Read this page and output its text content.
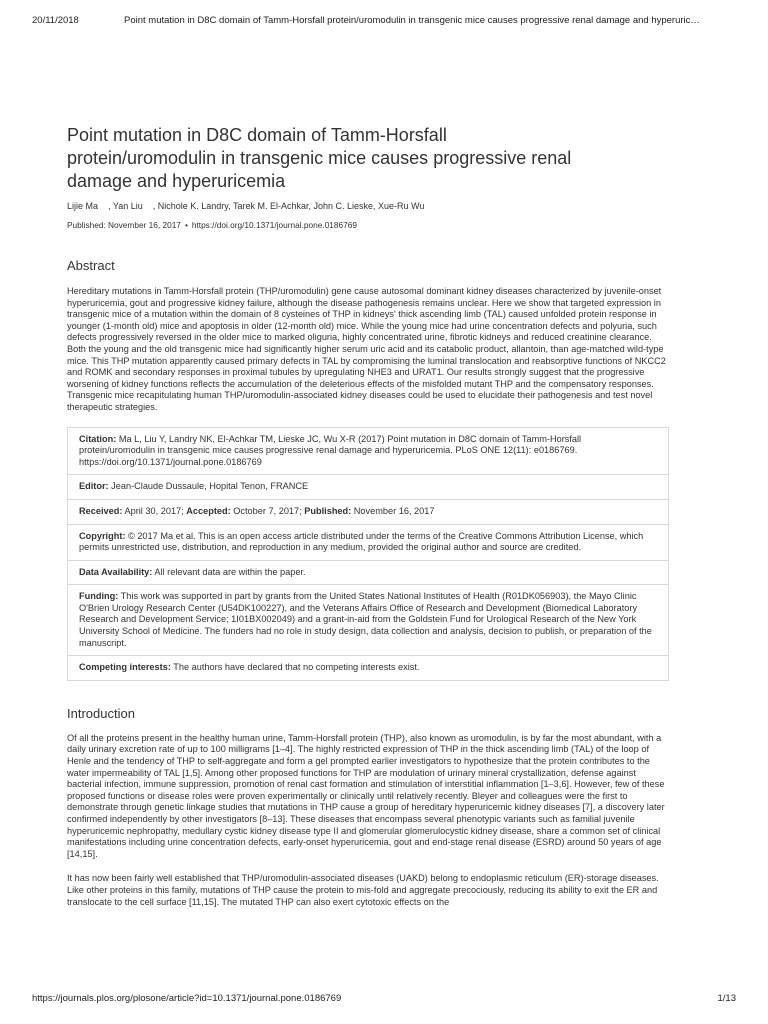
20/11/2018	Point mutation in D8C domain of Tamm-Horsfall protein/uromodulin in transgenic mice causes progressive renal damage and hyperuric…
Point mutation in D8C domain of Tamm-Horsfall protein/uromodulin in transgenic mice causes progressive renal damage and hyperuricemia
Lijie Ma , Yan Liu , Nichole K. Landry, Tarek M. El-Achkar, John C. Lieske, Xue-Ru Wu
Published: November 16, 2017 • https://doi.org/10.1371/journal.pone.0186769
Abstract

Hereditary mutations in Tamm-Horsfall protein (THP/uromodulin) gene cause autosomal dominant kidney diseases characterized by juvenile-onset hyperuricemia, gout and progressive kidney failure, although the disease pathogenesis remains unclear. Here we show that targeted expression in transgenic mice of a mutation within the domain of 8 cysteines of THP in kidneys' thick ascending limb (TAL) caused unfolded protein response in younger (1-month old) mice and apoptosis in older (12-month old) mice. While the young mice had urine concentration defects and polyuria, such defects progressively reversed in the older mice to marked oliguria, highly concentrated urine, fibrotic kidneys and reduced creatinine clearance. Both the young and the old transgenic mice had significantly higher serum uric acid and its catabolic product, allantoin, than age-matched wild-type mice. This THP mutation apparently caused primary defects in TAL by compromising the luminal translocation and reabsorptive functions of NKCC2 and ROMK and secondary responses in proximal tubules by upregulating NHE3 and URAT1. Our results strongly suggest that the progressive worsening of kidney functions reflects the accumulation of the deleterious effects of the misfolded mutant THP and the compensatory responses. Transgenic mice recapitulating human THP/uromodulin-associated kidney diseases could be used to elucidate their pathogenesis and test novel therapeutic strategies.

Citation: Ma L, Liu Y, Landry NK, El-Achkar TM, Lieske JC, Wu X-R (2017) Point mutation in D8C domain of Tamm-Horsfall protein/uromodulin in transgenic mice causes progressive renal damage and hyperuricemia. PLoS ONE 12(11): e0186769. https://doi.org/10.1371/journal.pone.0186769
Editor: Jean-Claude Dussaule, Hopital Tenon, FRANCE
Received: April 30, 2017; Accepted: October 7, 2017; Published: November 16, 2017
Copyright: © 2017 Ma et al. This is an open access article distributed under the terms of the Creative Commons Attribution License, which permits unrestricted use, distribution, and reproduction in any medium, provided the original author and source are credited.
Data Availability: All relevant data are within the paper.
Funding: This work was supported in part by grants from the United States National Institutes of Health (R01DK056903), the Mayo Clinic O'Brien Urology Research Center (U54DK100227), and the Veterans Affairs Office of Research and Development (Biomedical Laboratory Research and Development Service; 1I01BX002049) and a grant-in-aid from the Goldstein Fund for Urological Research of the New York University School of Medicine. The funders had no role in study design, data collection and analysis, decision to publish, or preparation of the manuscript.
Competing interests: The authors have declared that no competing interests exist.
Introduction

Of all the proteins present in the healthy human urine, Tamm-Horsfall protein (THP), also known as uromodulin, is by far the most abundant, with a daily urinary excretion rate of up to 100 milligrams [1–4]. The highly restricted expression of THP in the thick ascending limb (TAL) of the loop of Henle and the tendency of THP to self-aggregate and form a gel prompted earlier investigators to hypothesize that the protein contributes to the water impermeability of TAL [1,5]. Among other proposed functions for THP are modulation of urinary mineral crystallization, defense against bacterial infection, immune suppression, promotion of renal cast formation and stimulation of interstitial inflammation [1–3,6]. However, few of these proposed functions or disease roles were proven experimentally or clinically until relatively recently. Bleyer and colleagues were the first to demonstrate through genetic linkage studies that mutations in THP cause a group of hereditary hyperuricemic kidney diseases [7], a discovery later confirmed independently by other investigators [8–13]. These diseases that encompass several phenotypic variants such as familial juvenile hyperuricemic nephropathy, medullary cystic kidney disease type II and glomerular glomerulocystic kidney disease, share a common set of clinical manifestations including urine concentration defects, early-onset hyperuricemia, gout and end-stage renal disease (ESRD) around 50 years of age [14,15].

It has now been fairly well established that THP/uromodulin-associated diseases (UAKD) belong to endoplasmic reticulum (ER)-storage diseases. Like other proteins in this family, mutations of THP cause the protein to mis-fold and aggregate precociously, reducing its ability to exit the ER and translocate to the cell surface [11,15]. The mutated THP can also exert cytotoxic effects on the

https://journals.plos.org/plosone/article?id=10.1371/journal.pone.0186769	1/13
